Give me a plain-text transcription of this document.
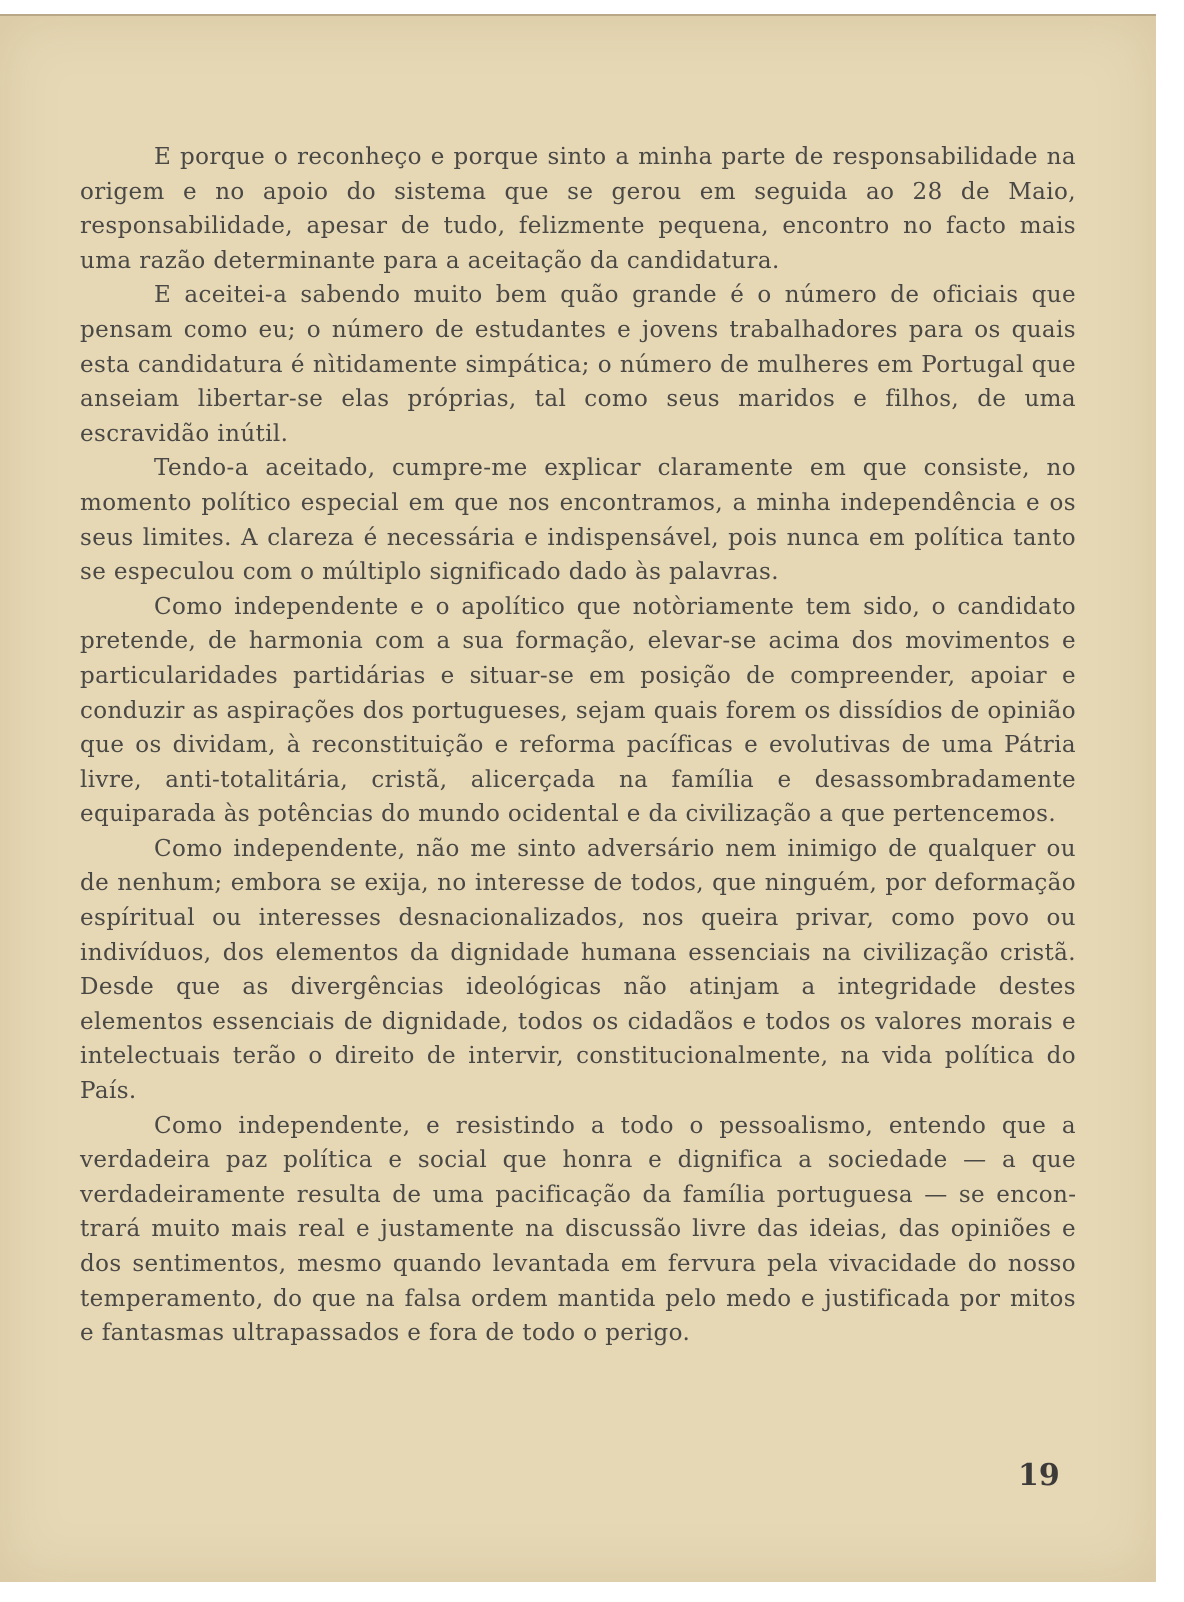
E porque o reconheço e porque sinto a minha parte de responsabilidade na origem e no apoio do sistema que se gerou em seguida ao 28 de Maio, responsabilidade, apesar de tudo, felizmente pequena, encontro no facto mais uma razão determinante para a aceitação da candidatura.

E aceitei-a sabendo muito bem quão grande é o número de oficiais que pensam como eu; o número de estudantes e jovens trabalhadores para os quais esta candidatura é nìtidamente simpática; o número de mulheres em Portugal que anseiam libertar-se elas próprias, tal como seus maridos e filhos, de uma escravidão inútil.

Tendo-a aceitado, cumpre-me explicar claramente em que consiste, no momento político especial em que nos encontramos, a minha independência e os seus limites. A clareza é necessária e indispensável, pois nunca em política tanto se especulou com o múltiplo significado dado às palavras.

Como independente e o apolítico que notòriamente tem sido, o candidato pretende, de harmonia com a sua formação, elevar-se acima dos movimentos e particularidades partidárias e situar-se em posição de compreender, apoiar e conduzir as aspirações dos portugueses, sejam quais forem os dissídios de opinião que os dividam, à reconstituição e reforma pacíficas e evolutivas de uma Pátria livre, anti-totalitária, cristã, alicerçada na família e desassombradamente equiparada às potências do mundo ocidental e da civilização a que pertencemos.

Como independente, não me sinto adversário nem inimigo de qualquer ou de nenhum; embora se exija, no interesse de todos, que ninguém, por deformação espíritual ou interesses desnacionalizados, nos queira privar, como povo ou indivíduos, dos elementos da dignidade humana essenciais na civilização cristã. Desde que as divergências ideológicas não atinjam a integridade destes elementos essenciais de dignidade, todos os cidadãos e todos os valores morais e intelectuais terão o direito de intervir, constitucionalmente, na vida política do País.

Como independente, e resistindo a todo o pessoalismo, entendo que a verdadeira paz política e social que honra e dignifica a sociedade — a que verdadeiramente resulta de uma pacificação da família portuguesa — se encontrará muito mais real e justamente na discussão livre das ideias, das opiniões e dos sentimentos, mesmo quando levantada em fervura pela vivacidade do nosso temperamento, do que na falsa ordem mantida pelo medo e justificada por mitos e fantasmas ultrapassados e fora de todo o perigo.

19
